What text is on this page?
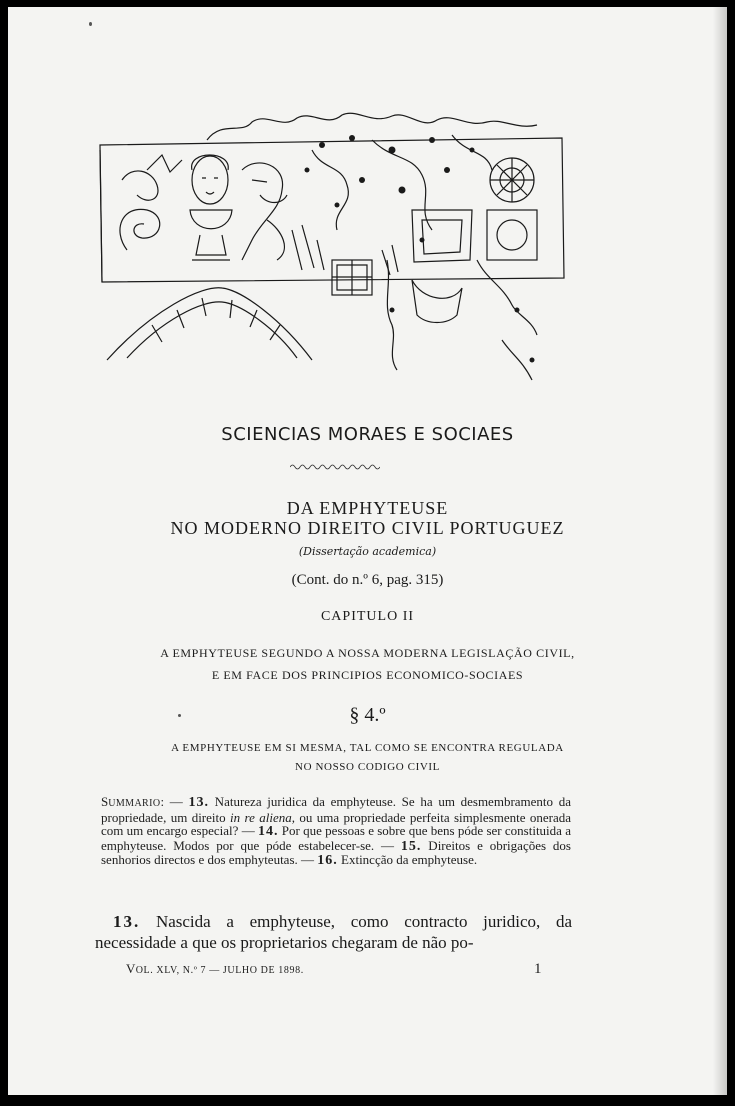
SCIENCIAS MORAES E SOCIAES
DA EMPHYTEUSE
NO MODERNO DIREITO CIVIL PORTUGUEZ
(Dissertação academica)
(Cont. do n.º 6, pag. 315)
CAPITULO II
A EMPHYTEUSE SEGUNDO A NOSSA MODERNA LEGISLAÇÃO CIVIL,
E EM FACE DOS PRINCIPIOS ECONOMICO-SOCIAES
§ 4.º
A EMPHYTEUSE EM SI MESMA, TAL COMO SE ENCONTRA REGULADA
NO NOSSO CODIGO CIVIL
SUMMARIO: — 13. Natureza juridica da emphyteuse. Se ha um desmembramento da propriedade, um direito in re aliena, ou uma propriedade perfeita simplesmente onerada com um encargo especial? — 14. Por que pessoas e sobre que bens póde ser constituida a emphyteuse. Modos por que póde estabelecer-se. — 15. Direitos e obrigações dos senhorios directos e dos emphyteutas. — 16. Extincção da emphyteuse.
13. Nascida a emphyteuse, como contracto juridico, da necessidade a que os proprietarios chegaram de não po-
VOL. XLV, N.º 7 — JULHO DE 1898.	1
